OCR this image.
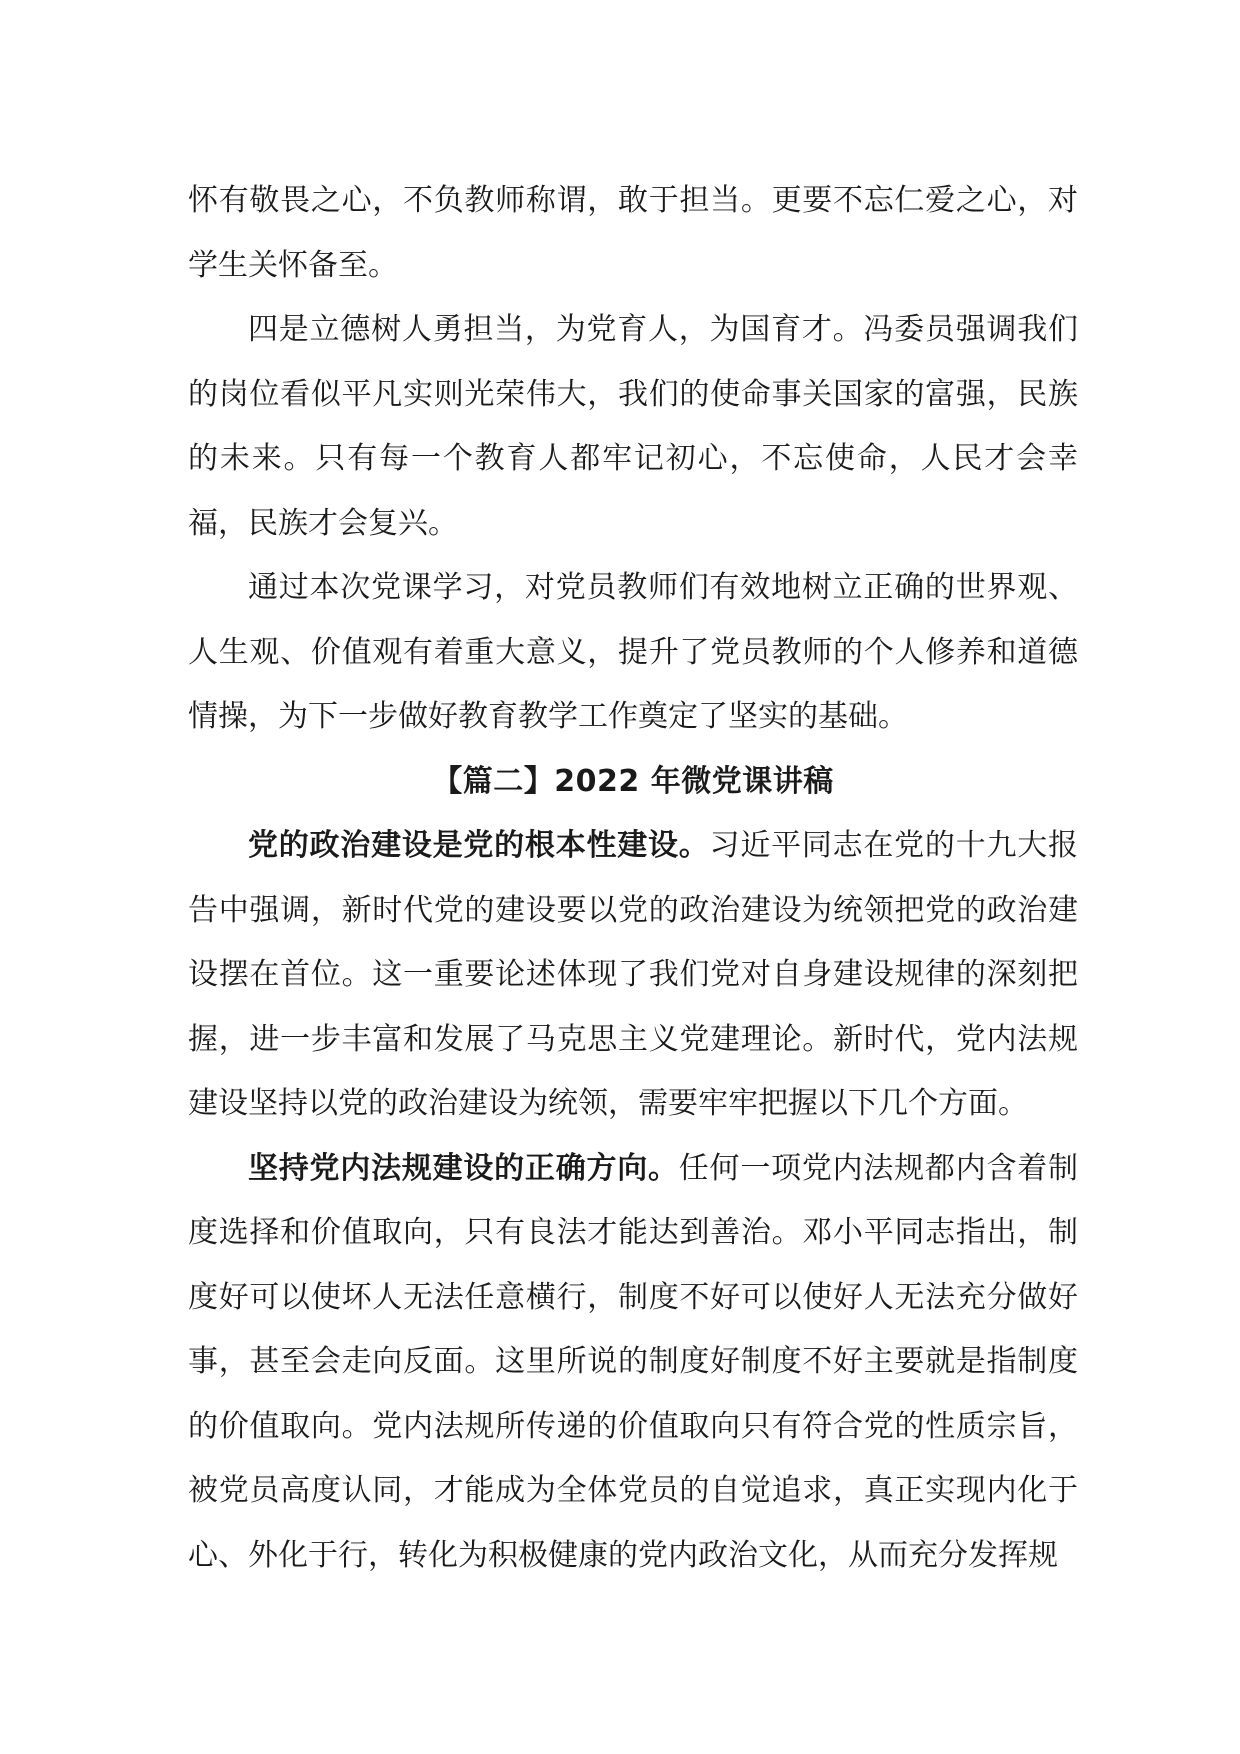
怀有敬畏之心，不负教师称谓，敢于担当。更要不忘仁爱之心，对学生关怀备至。

四是立德树人勇担当，为党育人，为国育才。冯委员强调我们的岗位看似平凡实则光荣伟大，我们的使命事关国家的富强，民族的未来。只有每一个教育人都牢记初心，不忘使命，人民才会幸福，民族才会复兴。

通过本次党课学习，对党员教师们有效地树立正确的世界观、人生观、价值观有着重大意义，提升了党员教师的个人修养和道德情操，为下一步做好教育教学工作奠定了坚实的基础。

【篇二】2022 年微党课讲稿

党的政治建设是党的根本性建设。习近平同志在党的十九大报告中强调，新时代党的建设要以党的政治建设为统领把党的政治建设摆在首位。这一重要论述体现了我们党对自身建设规律的深刻把握，进一步丰富和发展了马克思主义党建理论。新时代，党内法规建设坚持以党的政治建设为统领，需要牢牢把握以下几个方面。

坚持党内法规建设的正确方向。任何一项党内法规都内含着制度选择和价值取向，只有良法才能达到善治。邓小平同志指出，制度好可以使坏人无法任意横行，制度不好可以使好人无法充分做好事，甚至会走向反面。这里所说的制度好制度不好主要就是指制度的价值取向。党内法规所传递的价值取向只有符合党的性质宗旨，被党员高度认同，才能成为全体党员的自觉追求，真正实现内化于心、外化于行，转化为积极健康的党内政治文化，从而充分发挥规
